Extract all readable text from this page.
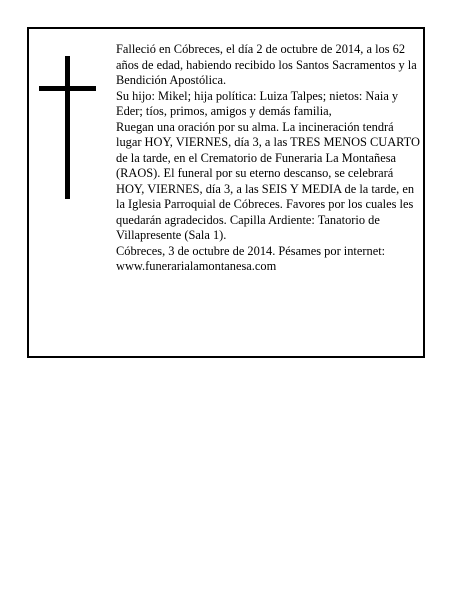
Falleció en Cóbreces, el día 2 de octubre de 2014, a los 62 años de edad, habiendo recibido los Santos Sacramentos y la Bendición Apostólica.

Su hijo: Mikel; hija política: Luiza Talpes; nietos: Naia y Eder; tíos, primos, amigos y demás familia,

Ruegan una oración por su alma. La incineración tendrá lugar HOY, VIERNES, día 3, a las TRES MENOS CUARTO de la tarde, en el Crematorio de Funeraria La Montañesa (RAOS). El funeral por su eterno descanso, se celebrará HOY, VIERNES, día 3, a las SEIS Y MEDIA de la tarde, en la Iglesia Parroquial de Cóbreces. Favores por los cuales les quedarán agradecidos. Capilla Ardiente: Tanatorio de Villapresente (Sala 1).

Cóbreces, 3 de octubre de 2014. Pésames por internet: www.funerarialamontanesa.com
